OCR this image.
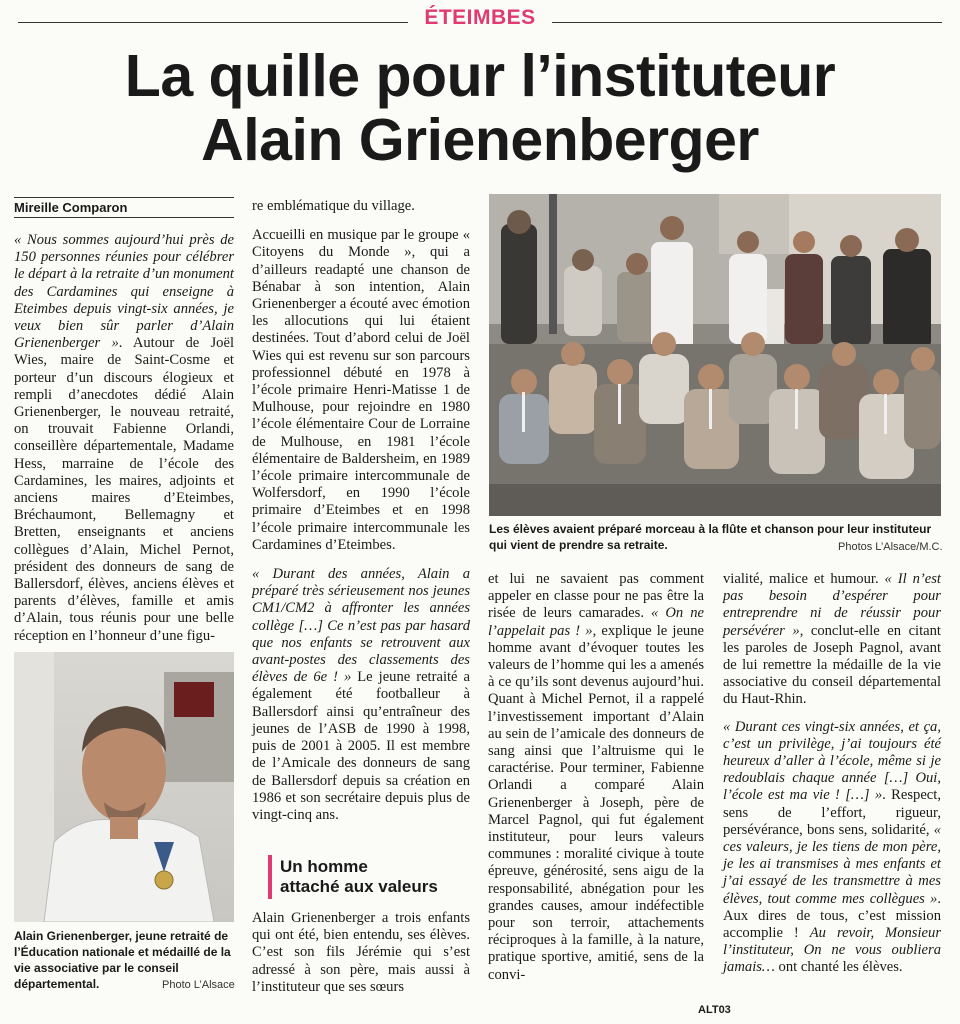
ÉTEIMBES
La quille pour l’instituteur
Alain Grienenberger
Mireille Comparon

« Nous sommes aujourd’hui près de 150 personnes réunies pour célébrer le départ à la retraite d’un monument des Cardamines qui enseigne à Eteimbes depuis vingt-six années, je veux bien sûr parler d’Alain Grienenberger ». Autour de Joël Wies, maire de Saint-Cosme et porteur d’un discours élogieux et rempli d’anecdotes dédié Alain Grienenberger, le nouveau retraité, on trouvait Fabienne Orlandi, conseillère départementale, Madame Hess, marraine de l’école des Cardamines, les maires, adjoints et anciens maires d’Eteimbes, Bréchaumont, Bellemagny et Bretten, enseignants et anciens collègues d’Alain, Michel Pernot, président des donneurs de sang de Ballersdorf, élèves, anciens élèves et parents d’élèves, famille et amis d’Alain, tous réunis pour une belle réception en l’honneur d’une figu-

Alain Grienenberger, jeune retraité de l’Éducation nationale et médaillé de la vie associative par le conseil départemental.	Photo L’Alsace

re emblématique du village.

Accueilli en musique par le groupe « Citoyens du Monde », qui a d’ailleurs readapté une chanson de Bénabar à son intention, Alain Grienenberger a écouté avec émotion les allocutions qui lui étaient destinées. Tout d’abord celui de Joël Wies qui est revenu sur son parcours professionnel débuté en 1978 à l’école primaire Henri-Matisse 1 de Mulhouse, pour rejoindre en 1980 l’école élémentaire Cour de Lorraine de Mulhouse, en 1981 l’école élémentaire de Baldersheim, en 1989 l’école primaire intercommunale de Wolfersdorf, en 1990 l’école primaire d’Eteimbes et en 1998 l’école primaire intercommunale les Cardamines d’Eteimbes.

« Durant des années, Alain a préparé très sérieusement nos jeunes CM1/CM2 à affronter les années collège […] Ce n’est pas par hasard que nos enfants se retrouvent aux avant-postes des classements des élèves de 6e ! » Le jeune retraité a également été footballeur à Ballersdorf ainsi qu’entraîneur des jeunes de l’ASB de 1990 à 1998, puis de 2001 à 2005. Il est membre de l’Amicale des donneurs de sang de Ballersdorf depuis sa création en 1986 et son secrétaire depuis plus de vingt-cinq ans.

Un homme
attaché aux valeurs

Alain Grienenberger a trois enfants qui ont été, bien entendu, ses élèves. C’est son fils Jérémie qui s’est adressé à son père, mais aussi à l’instituteur que ses sœurs

Les élèves avaient préparé morceau à la flûte et chanson pour leur instituteur qui vient de prendre sa retraite.	Photos L’Alsace/M.C.

et lui ne savaient pas comment appeler en classe pour ne pas être la risée de leurs camarades. « On ne l’appelait pas ! », explique le jeune homme avant d’évoquer toutes les valeurs de l’homme qui les a amenés à ce qu’ils sont devenus aujourd’hui. Quant à Michel Pernot, il a rappelé l’investissement important d’Alain au sein de l’amicale des donneurs de sang ainsi que l’altruisme qui le caractérise. Pour terminer, Fabienne Orlandi a comparé Alain Grienenberger à Joseph, père de Marcel Pagnol, qui fut également instituteur, pour leurs valeurs communes : moralité civique à toute épreuve, générosité, sens aigu de la responsabilité, abnégation pour les grandes causes, amour indéfectible pour son terroir, attachements réciproques à la famille, à la nature, pratique sportive, amitié, sens de la convi-

vialité, malice et humour. « Il n’est pas besoin d’espérer pour entreprendre ni de réussir pour persévérer », conclut-elle en citant les paroles de Joseph Pagnol, avant de lui remettre la médaille de la vie associative du conseil départemental du Haut-Rhin.

« Durant ces vingt-six années, et ça, c’est un privilège, j’ai toujours été heureux d’aller à l’école, même si je redoublais chaque année […] Oui, l’école est ma vie ! […] ». Respect, sens de l’effort, rigueur, persévérance, bons sens, solidarité, « ces valeurs, je les tiens de mon père, je les ai transmises à mes enfants et j’ai essayé de les transmettre à mes élèves, tout comme mes collègues ». Aux dires de tous, c’est mission accomplie ! Au revoir, Monsieur l’instituteur, On ne vous oubliera jamais… ont chanté les élèves.

ALT03
